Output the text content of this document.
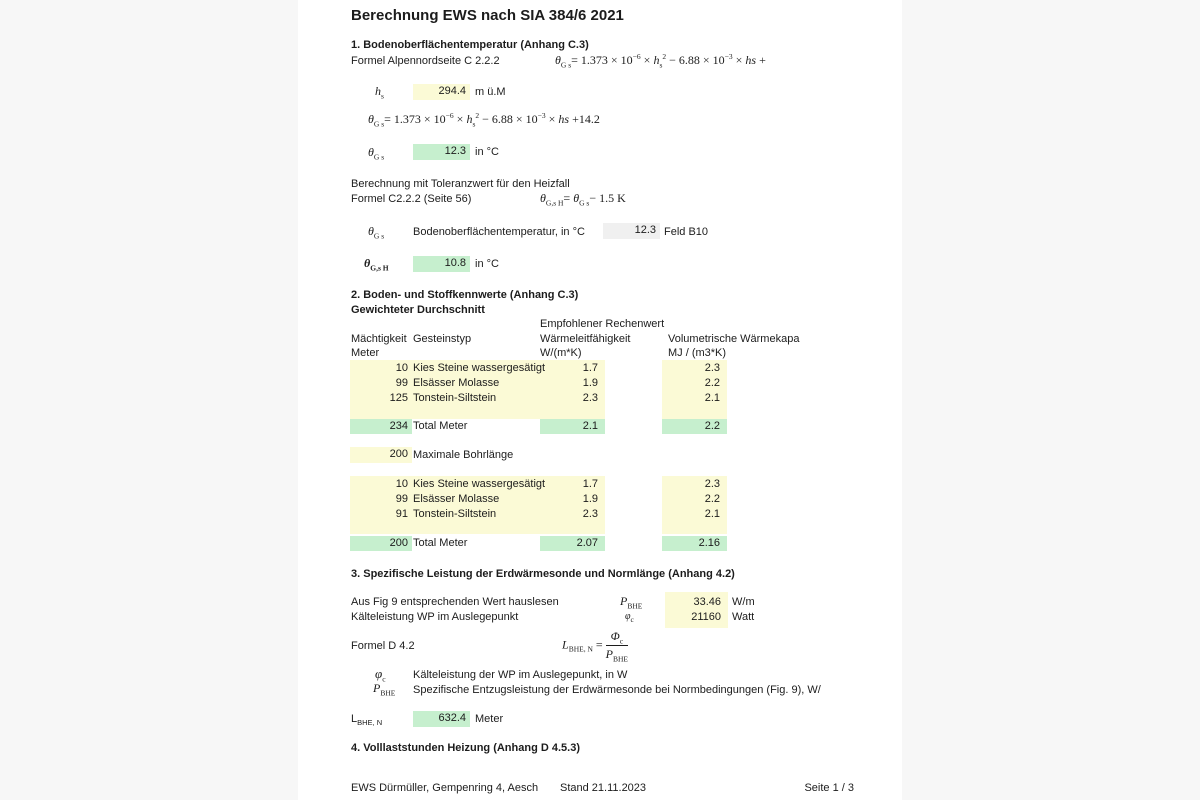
Berechnung EWS nach SIA 384/6 2021
1. Bodenoberflächentemperatur (Anhang C.3)
Formel Alpennordseite C 2.2.2	$\theta_{G s}= 1.373 \times 10^{-6} \times h_s^2 - 6.88 \times 10^{-3}$ × hs +
$h_s$	294.4 m ü.M
$\theta_{G s}= 1.373 \times 10^{-6} \times h_s^2 - 6.88 \times 10^{-3}$ × hs +14.2
$\theta_{G s}$	12.3 in °C
Berechnung mit Toleranzwert für den Heizfall
Formel C2.2.2 (Seite 56)	$\theta_{G,s H}= \theta_{G s}- 1.5$ K
$\theta_{G s}$	Bodenoberflächentemperatur, in °C	12.3 Feld B10
$\theta_{G,s H}$	10.8 in °C
2. Boden- und Stoffkennwerte (Anhang C.3)
Gewichteter Durchschnitt
Empfohlener Rechenwert
Mächtigkeit Gesteinstyp	Wärmeleitfähigkeit	Volumetrische Wärmekapa
Meter	W/(m*K)	MJ / (m3*K)
10 Kies Steine wassergesätigt	1.7	2.3
99 Elsässer Molasse	1.9	2.2
125 Tonstein-Siltstein	2.3	2.1
234 Total Meter	2.1	2.2
200 Maximale Bohrlänge
10 Kies Steine wassergesätigt	1.7	2.3
99 Elsässer Molasse	1.9	2.2
91 Tonstein-Siltstein	2.3	2.1
200 Total Meter	2.07	2.16
3. Spezifische Leistung der Erdwärmesonde und Normlänge (Anhang 4.2)
Aus Fig 9 entsprechenden Wert hauslesen	$P_{BHE}$	33.46 W/m
Kälteleistung WP im Auslegepunkt	$\varphi_c$	21160 Watt
Formel D 4.2	$L_{BHE, N} = \frac{\Phi_c}{P_{BHE}}$
$\varphi_c$ Kälteleistung der WP im Auslegepunkt, in W
$P_{BHE}$ Spezifische Entzugsleistung der Erdwärmesonde bei Normbedingungen (Fig. 9), W/
$L_{BHE, N}$	632.4 Meter
4. Volllaststunden Heizung (Anhang D 4.5.3)
EWS Dürmüller, Gempenring 4, Aesch Stand 21.11.2023	Seite 1 / 3
